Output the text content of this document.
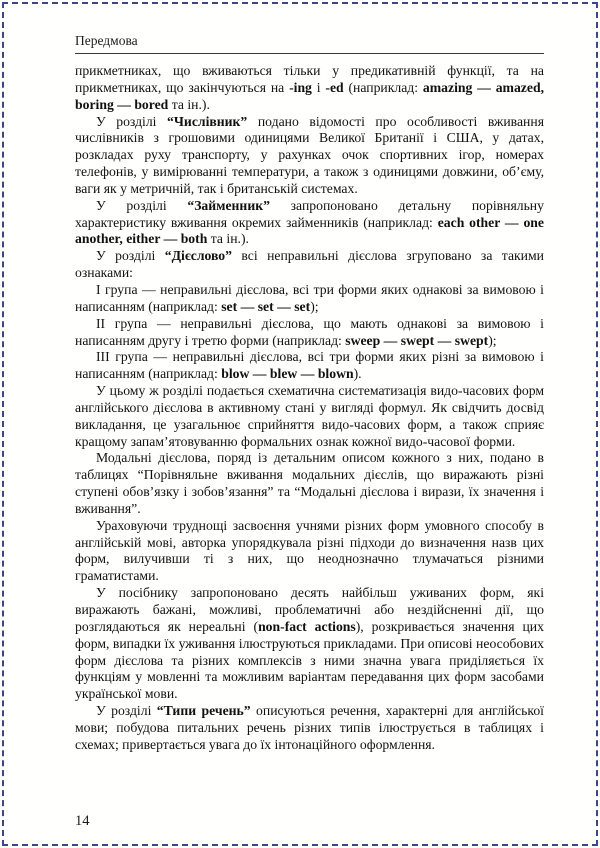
Передмова

прикметниках, що вживаються тільки у предикативній функції, та на прикметниках, що закінчуються на -ing і -ed (наприклад: amazing — amazed, boring — bored та ін.).

У розділі “Числівник” подано відомості про особливості вживання числівників з грошовими одиницями Великої Британії і США, у датах, розкладах руху транспорту, у рахунках очок спортивних ігор, номерах телефонів, у вимірюванні температури, а також з одиницями довжини, об’єму, ваги як у метричній, так і британській системах.

У розділі “Займенник” запропоновано детальну порівняльну характеристику вживання окремих займенників (наприклад: each other — one another, either — both та ін.).

У розділі “Дієслово” всі неправильні дієслова згруповано за такими ознаками:

І група — неправильні дієслова, всі три форми яких однакові за вимовою і написанням (наприклад: set — set — set);

ІІ група — неправильні дієслова, що мають однакові за вимовою і написанням другу і третю форми (наприклад: sweep — swept — swept);

ІІІ група — неправильні дієслова, всі три форми яких різні за вимовою і написанням (наприклад: blow — blew — blown).

У цьому ж розділі подається схематична систематизація видо-часових форм англійського дієслова в активному стані у вигляді формул. Як свідчить досвід викладання, це узагальнює сприйняття видо-часових форм, а також сприяє кращому запам’ятовуванню формальних ознак кожної видо-часової форми.

Модальні дієслова, поряд із детальним описом кожного з них, подано в таблицях “Порівняльне вживання модальних дієслів, що виражають різні ступені обов’язку і зобов’язання” та “Модальні дієслова і вирази, їх значення і вживання”.

Ураховуючи труднощі засвоєння учнями різних форм умовного способу в англійській мові, авторка упорядкувала різні підходи до визначення назв цих форм, вилучивши ті з них, що неоднозначно тлумачаться різними граматистами.

У посібнику запропоновано десять найбільш уживаних форм, які виражають бажані, можливі, проблематичні або нездійсненні дії, що розглядаються як нереальні (non-fact actions), розкривається значення цих форм, випадки їх уживання ілюструються прикладами. При описові неособових форм дієслова та різних комплексів з ними значна увага приділяється їх функціям у мовленні та можливим варіантам передавання цих форм засобами української мови.

У розділі “Типи речень” описуються речення, характерні для англійської мови; побудова питальних речень різних типів ілюструється в таблицях і схемах; привертається увага до їх інтонаційного оформлення.

14
